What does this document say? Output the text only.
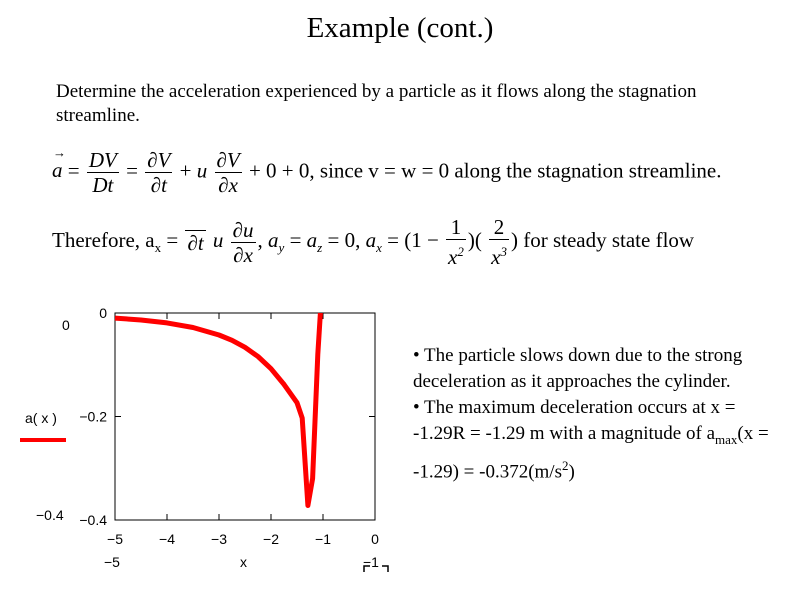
Example (cont.)
Determine the acceleration experienced by a particle as it flows along the stagnation streamline.
→ $a = \frac{DV}{Dt} = \frac{\partial V}{\partial t} + u \frac{\partial V}{\partial x} + 0 + 0$, since v = w = 0 along the stagnation streamline.
Therefore, $a_x = \partial t$ u $\frac{\partial u}{\partial x}$ , $a_y = a_z = 0$, $a_x = (1 - \frac{1}{x^2}$ )( $\frac{2}{x^3}$ ) for steady state flow
−5	−4	−3	−2	−1	0
0
−0.2
−0.4
a( x )
x
0
−0.4
−5	−1

• The particle slows down due to the strong deceleration as it approaches the cylinder.

• The maximum deceleration occurs at x = -1.29R = -1.29 m with a magnitude of $a_{max}(x = -1.29) = -0.372(m/s^2)$
